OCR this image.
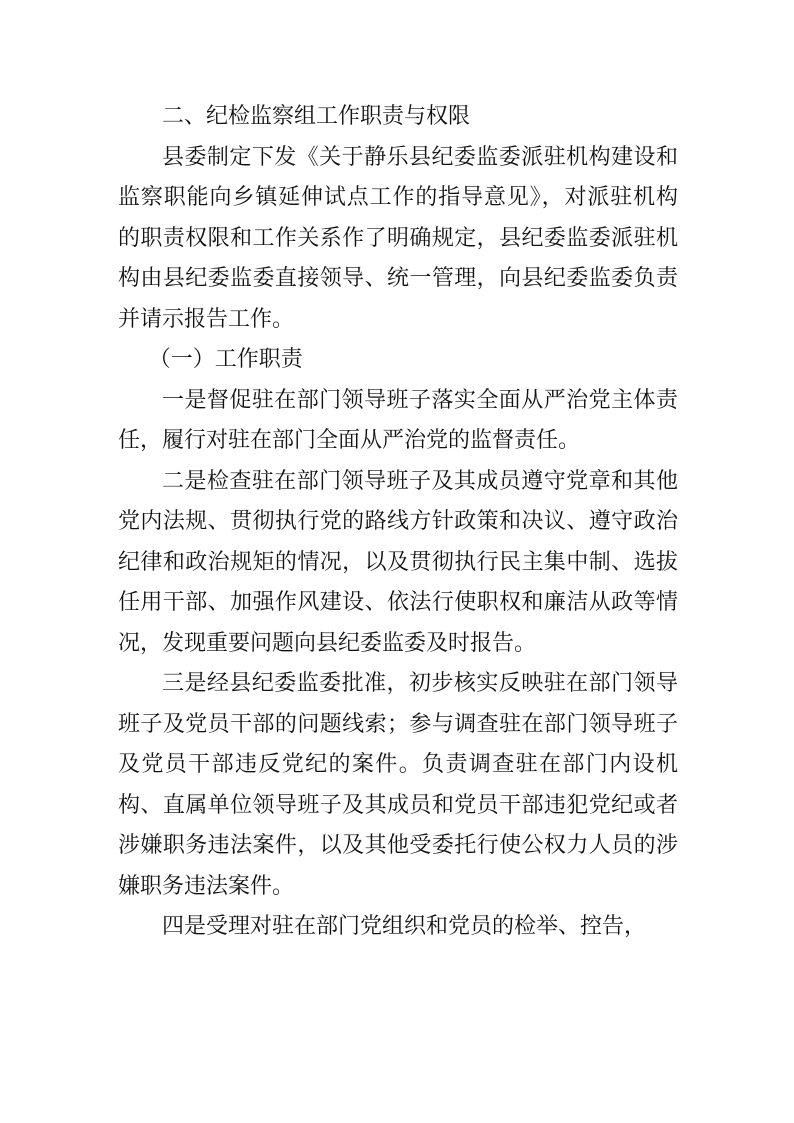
二、纪检监察组工作职责与权限

县委制定下发《关于静乐县纪委监委派驻机构建设和监察职能向乡镇延伸试点工作的指导意见》，对派驻机构的职责权限和工作关系作了明确规定，县纪委监委派驻机构由县纪委监委直接领导、统一管理，向县纪委监委负责并请示报告工作。

（一）工作职责

一是督促驻在部门领导班子落实全面从严治党主体责任，履行对驻在部门全面从严治党的监督责任。

二是检查驻在部门领导班子及其成员遵守党章和其他党内法规、贯彻执行党的路线方针政策和决议、遵守政治纪律和政治规矩的情况，以及贯彻执行民主集中制、选拔任用干部、加强作风建设、依法行使职权和廉洁从政等情况，发现重要问题向县纪委监委及时报告。

三是经县纪委监委批准，初步核实反映驻在部门领导班子及党员干部的问题线索；参与调查驻在部门领导班子及党员干部违反党纪的案件。负责调查驻在部门内设机构、直属单位领导班子及其成员和党员干部违犯党纪或者涉嫌职务违法案件，以及其他受委托行使公权力人员的涉嫌职务违法案件。

四是受理对驻在部门党组织和党员的检举、控告，
